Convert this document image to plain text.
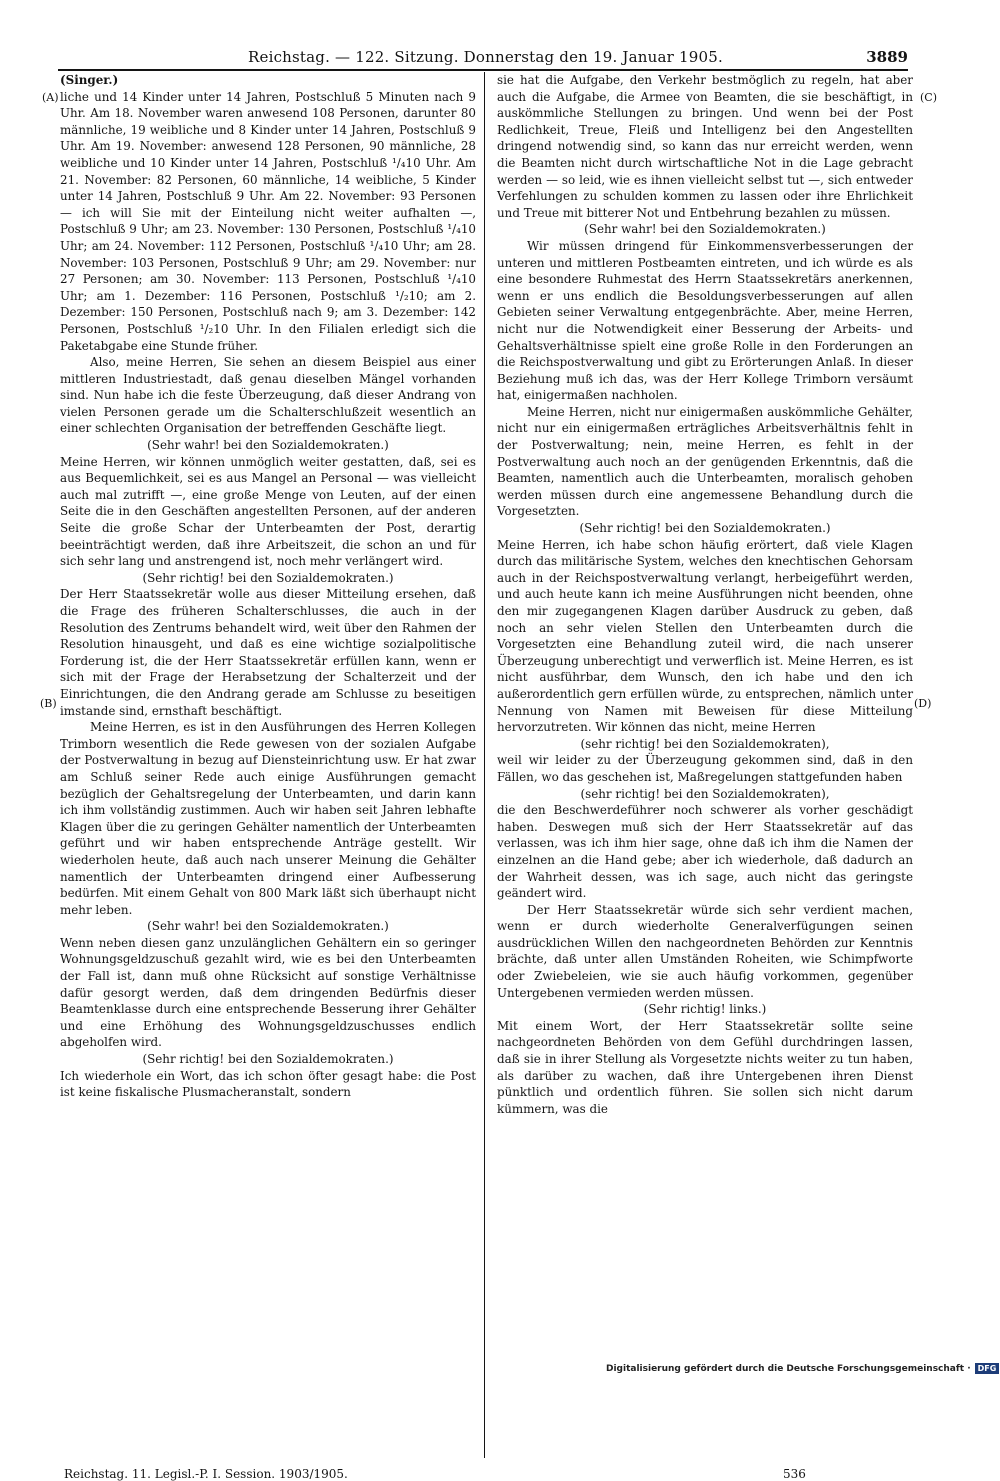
Reichstag. — 122. Sitzung. Donnerstag den 19. Januar 1905.	3889
(A)
(B)
(C)
(D)

(Singer.)

liche und 14 Kinder unter 14 Jahren, Postschluß 5 Minuten nach 9 Uhr. Am 18. November waren anwesend 108 Personen, darunter 80 männliche, 19 weibliche und 8 Kinder unter 14 Jahren, Postschluß 9 Uhr. Am 19. November: anwesend 128 Personen, 90 männliche, 28 weibliche und 10 Kinder unter 14 Jahren, Postschluß ¹/₄10 Uhr. Am 21. November: 82 Personen, 60 männliche, 14 weibliche, 5 Kinder unter 14 Jahren, Postschluß 9 Uhr. Am 22. November: 93 Personen — ich will Sie mit der Einteilung nicht weiter aufhalten —, Postschluß 9 Uhr; am 23. November: 130 Personen, Postschluß ¹/₄10 Uhr; am 24. November: 112 Personen, Postschluß ¹/₄10 Uhr; am 28. November: 103 Personen, Postschluß 9 Uhr; am 29. November: nur 27 Personen; am 30. November: 113 Personen, Postschluß ¹/₄10 Uhr; am 1. Dezember: 116 Personen, Postschluß ¹/₂10; am 2. Dezember: 150 Personen, Postschluß nach 9; am 3. Dezember: 142 Personen, Postschluß ¹/₂10 Uhr. In den Filialen erledigt sich die Paketabgabe eine Stunde früher.

Also, meine Herren, Sie sehen an diesem Beispiel aus einer mittleren Industriestadt, daß genau dieselben Mängel vorhanden sind. Nun habe ich die feste Überzeugung, daß dieser Andrang von vielen Personen gerade um die Schalterschlußzeit wesentlich an einer schlechten Organisation der betreffenden Geschäfte liegt.

(Sehr wahr! bei den Sozialdemokraten.)

Meine Herren, wir können unmöglich weiter gestatten, daß, sei es aus Bequemlichkeit, sei es aus Mangel an Personal — was vielleicht auch mal zutrifft —, eine große Menge von Leuten, auf der einen Seite die in den Geschäften angestellten Personen, auf der anderen Seite die große Schar der Unterbeamten der Post, derartig beeinträchtigt werden, daß ihre Arbeitszeit, die schon an und für sich sehr lang und anstrengend ist, noch mehr verlängert wird.

(Sehr richtig! bei den Sozialdemokraten.)

Der Herr Staatssekretär wolle aus dieser Mitteilung ersehen, daß die Frage des früheren Schalterschlusses, die auch in der Resolution des Zentrums behandelt wird, weit über den Rahmen der Resolution hinausgeht, und daß es eine wichtige sozialpolitische Forderung ist, die der Herr Staatssekretär erfüllen kann, wenn er sich mit der Frage der Herabsetzung der Schalterzeit und der Einrichtungen, die den Andrang gerade am Schlusse zu beseitigen imstande sind, ernsthaft beschäftigt.

Meine Herren, es ist in den Ausführungen des Herren Kollegen Trimborn wesentlich die Rede gewesen von der sozialen Aufgabe der Postverwaltung in bezug auf Diensteinrichtung usw. Er hat zwar am Schluß seiner Rede auch einige Ausführungen gemacht bezüglich der Gehaltsregelung der Unterbeamten, und darin kann ich ihm vollständig zustimmen. Auch wir haben seit Jahren lebhafte Klagen über die zu geringen Gehälter namentlich der Unterbeamten geführt und wir haben entsprechende Anträge gestellt. Wir wiederholen heute, daß auch nach unserer Meinung die Gehälter namentlich der Unterbeamten dringend einer Aufbesserung bedürfen. Mit einem Gehalt von 800 Mark läßt sich überhaupt nicht mehr leben.

(Sehr wahr! bei den Sozialdemokraten.)

Wenn neben diesen ganz unzulänglichen Gehältern ein so geringer Wohnungsgeldzuschuß gezahlt wird, wie es bei den Unterbeamten der Fall ist, dann muß ohne Rücksicht auf sonstige Verhältnisse dafür gesorgt werden, daß dem dringenden Bedürfnis dieser Beamtenklasse durch eine entsprechende Besserung ihrer Gehälter und eine Erhöhung des Wohnungsgeldzuschusses endlich abgeholfen wird.

(Sehr richtig! bei den Sozialdemokraten.)

Ich wiederhole ein Wort, das ich schon öfter gesagt habe: die Post ist keine fiskalische Plusmacheranstalt, sondern

sie hat die Aufgabe, den Verkehr bestmöglich zu regeln, hat aber auch die Aufgabe, die Armee von Beamten, die sie beschäftigt, in auskömmliche Stellungen zu bringen. Und wenn bei der Post Redlichkeit, Treue, Fleiß und Intelligenz bei den Angestellten dringend notwendig sind, so kann das nur erreicht werden, wenn die Beamten nicht durch wirtschaftliche Not in die Lage gebracht werden — so leid, wie es ihnen vielleicht selbst tut —, sich entweder Verfehlungen zu schulden kommen zu lassen oder ihre Ehrlichkeit und Treue mit bitterer Not und Entbehrung bezahlen zu müssen.

(Sehr wahr! bei den Sozialdemokraten.)

Wir müssen dringend für Einkommensverbesserungen der unteren und mittleren Postbeamten eintreten, und ich würde es als eine besondere Ruhmestat des Herrn Staatssekretärs anerkennen, wenn er uns endlich die Besoldungsverbesserungen auf allen Gebieten seiner Verwaltung entgegenbrächte. Aber, meine Herren, nicht nur die Notwendigkeit einer Besserung der Arbeits- und Gehaltsverhältnisse spielt eine große Rolle in den Forderungen an die Reichspostverwaltung und gibt zu Erörterungen Anlaß. In dieser Beziehung muß ich das, was der Herr Kollege Trimborn versäumt hat, einigermaßen nachholen.

Meine Herren, nicht nur einigermaßen auskömmliche Gehälter, nicht nur ein einigermaßen erträgliches Arbeitsverhältnis fehlt in der Postverwaltung; nein, meine Herren, es fehlt in der Postverwaltung auch noch an der genügenden Erkenntnis, daß die Beamten, namentlich auch die Unterbeamten, moralisch gehoben werden müssen durch eine angemessene Behandlung durch die Vorgesetzten.

(Sehr richtig! bei den Sozialdemokraten.)

Meine Herren, ich habe schon häufig erörtert, daß viele Klagen durch das militärische System, welches den knechtischen Gehorsam auch in der Reichspostverwaltung verlangt, herbeigeführt werden, und auch heute kann ich meine Ausführungen nicht beenden, ohne den mir zugegangenen Klagen darüber Ausdruck zu geben, daß noch an sehr vielen Stellen den Unterbeamten durch die Vorgesetzten eine Behandlung zuteil wird, die nach unserer Überzeugung unberechtigt und verwerflich ist. Meine Herren, es ist nicht ausführbar, dem Wunsch, den ich habe und den ich außerordentlich gern erfüllen würde, zu entsprechen, nämlich unter Nennung von Namen mit Beweisen für diese Mitteilung hervorzutreten. Wir können das nicht, meine Herren

(sehr richtig! bei den Sozialdemokraten),

weil wir leider zu der Überzeugung gekommen sind, daß in den Fällen, wo das geschehen ist, Maßregelungen stattgefunden haben

(sehr richtig! bei den Sozialdemokraten),

die den Beschwerdeführer noch schwerer als vorher geschädigt haben. Deswegen muß sich der Herr Staatssekretär auf das verlassen, was ich ihm hier sage, ohne daß ich ihm die Namen der einzelnen an die Hand gebe; aber ich wiederhole, daß dadurch an der Wahrheit dessen, was ich sage, auch nicht das geringste geändert wird.

Der Herr Staatssekretär würde sich sehr verdient machen, wenn er durch wiederholte Generalverfügungen seinen ausdrücklichen Willen den nachgeordneten Behörden zur Kenntnis brächte, daß unter allen Umständen Roheiten, wie Schimpfworte oder Zwiebeleien, wie sie auch häufig vorkommen, gegenüber Untergebenen vermieden werden müssen.

(Sehr richtig! links.)

Mit einem Wort, der Herr Staatssekretär sollte seine nachgeordneten Behörden von dem Gefühl durchdringen lassen, daß sie in ihrer Stellung als Vorgesetzte nichts weiter zu tun haben, als darüber zu wachen, daß ihre Untergebenen ihren Dienst pünktlich und ordentlich führen. Sie sollen sich nicht darum kümmern, was die

Reichstag. 11. Legisl.-P. I. Session. 1903/1905.	536
Digitalisierung gefördert durch die Deutsche Forschungsgemeinschaft · DFG
